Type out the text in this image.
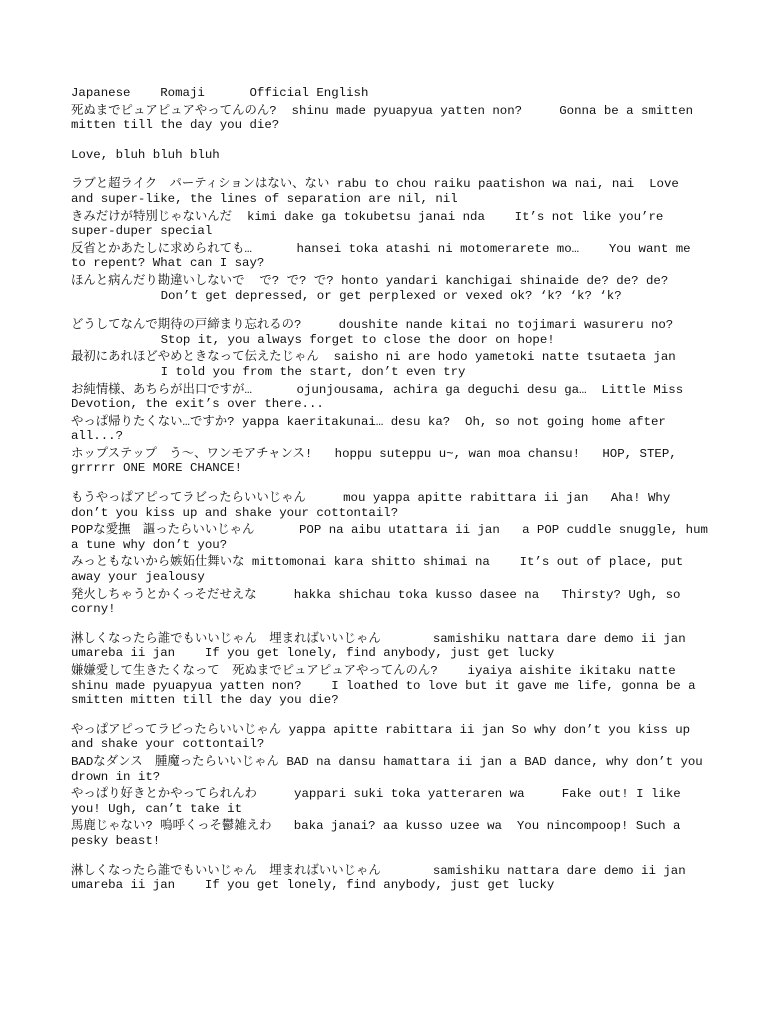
Japanese    Romaji      Official English
死ぬまでピュアピュアやってんのん?  shinu made pyuapyua yatten non?     Gonna be a smitten mitten till the day you die?
Love, bluh bluh bluh
ラブと超ライク　パーティションはない、ない rabu to chou raiku paatishon wa nai, nai  Love and super-like, the lines of separation are nil, nil
きみだけが特別じゃないんだ  kimi dake ga tokubetsu janai nda    It’s not like you’re super-duper special
反省とかあたしに求められても…      hansei toka atashi ni motomerarete mo…    You want me to repent? What can I say?
ほんと病んだり勘違いしないで  で? で? で? honto yandari kanchigai shinaide de? de? de?
Don’t get depressed, or get perplexed or vexed ok? ‘k? ‘k? ‘k?
どうしてなんで期待の戸締まり忘れるの?     doushite nande kitai no tojimari wasureru no?
Stop it, you always forget to close the door on hope!
最初にあれほどやめときなって伝えたじゃん  saisho ni are hodo yametoki natte tsutaeta jan
I told you from the start, don’t even try
お純情様、あちらが出口ですが…      ojunjousama, achira ga deguchi desu ga…  Little Miss Devotion, the exit’s over there...
やっぱ帰りたくない…ですか? yappa kaeritakunai… desu ka?  Oh, so not going home after all...?
ホップステップ　う〜、ワンモアチャンス!   hoppu suteppu u~, wan moa chansu!   HOP, STEP, grrrrr ONE MORE CHANCE!
もうやっぱアピってラビったらいいじゃん     mou yappa apitte rabittara ii jan   Aha! Why don’t you kiss up and shake your cottontail?
POPな愛撫　謳ったらいいじゃん      POP na aibu utattara ii jan   a POP cuddle snuggle, hum a tune why don’t you?
みっともないから嫉妬仕舞いな mittomonai kara shitto shimai na    It’s out of place, put away your jealousy
発火しちゃうとかくっそだせえな     hakka shichau toka kusso dasee na   Thirsty? Ugh, so corny!
淋しくなったら誰でもいいじゃん　埋まればいいじゃん       samishiku nattara dare demo ii jan umareba ii jan    If you get lonely, find anybody, just get lucky
嫌嫌愛して生きたくなって　死ぬまでピュアピュアやってんのん?    iyaiya aishite ikitaku natte shinu made pyuapyua yatten non?    I loathed to love but it gave me life, gonna be a smitten mitten till the day you die?
やっぱアピってラビったらいいじゃん yappa apitte rabittara ii jan So why don’t you kiss up and shake your cottontail?
BADなダンス　腫魔ったらいいじゃん BAD na dansu hamattara ii jan a BAD dance, why don’t you drown in it?
やっぱり好きとかやってられんわ     yappari suki toka yatteraren wa     Fake out! I like you! Ugh, can’t take it
馬鹿じゃない? 嗚呼くっそ鬱雑えわ   baka janai? aa kusso uzee wa  You nincompoop! Such a pesky beast!
淋しくなったら誰でもいいじゃん　埋まればいいじゃん       samishiku nattara dare demo ii jan umareba ii jan    If you get lonely, find anybody, just get lucky
